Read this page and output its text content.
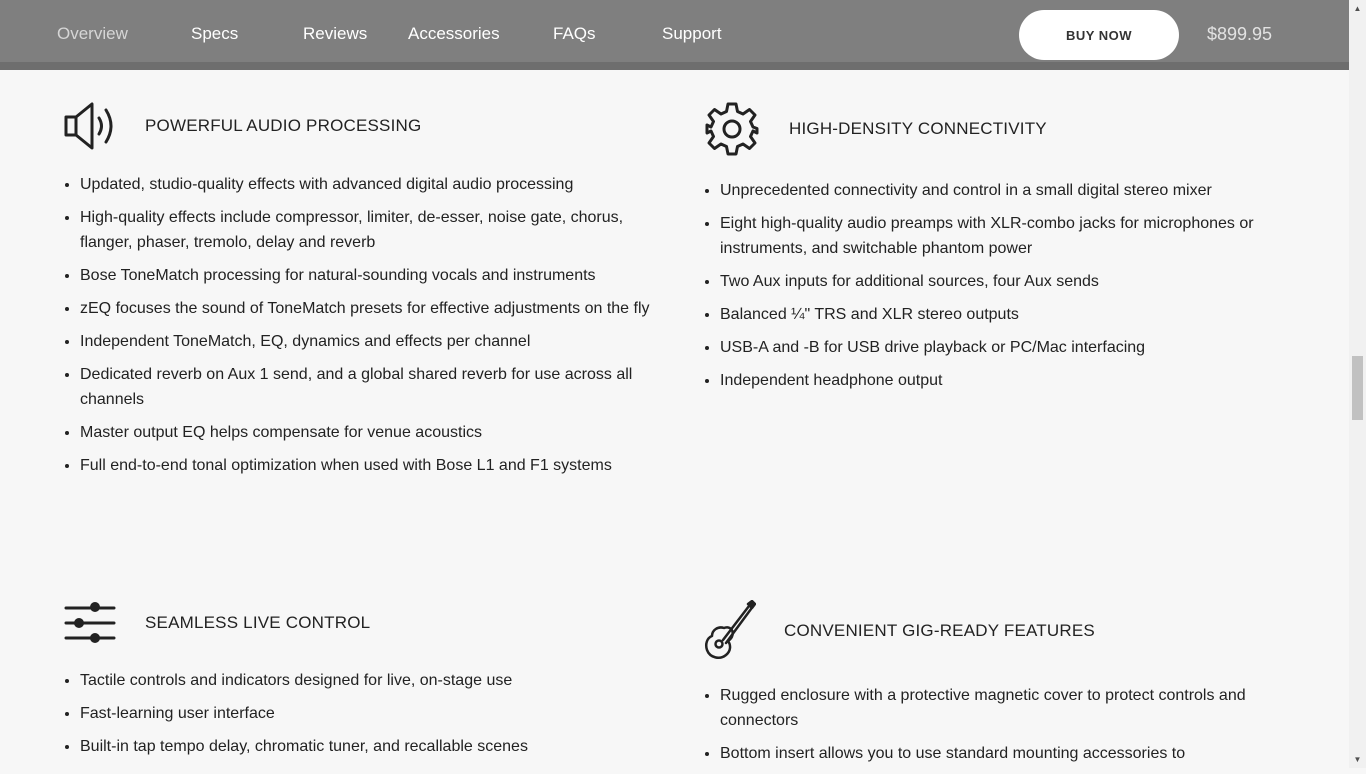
Overview	Specs	Reviews Accessories	FAQs	Support	BUY NOW	$899.95
POWERFUL AUDIO PROCESSING
• Updated, studio-quality effects with advanced digital audio processing
• High-quality effects include compressor, limiter, de-esser, noise gate, chorus, flanger, phaser, tremolo, delay and reverb
• Bose ToneMatch processing for natural-sounding vocals and instruments
• zEQ focuses the sound of ToneMatch presets for effective adjustments on the fly
• Independent ToneMatch, EQ, dynamics and effects per channel
• Dedicated reverb on Aux 1 send, and a global shared reverb for use across all channels
• Master output EQ helps compensate for venue acoustics
• Full end-to-end tonal optimization when used with Bose L1 and F1 systems
HIGH-DENSITY CONNECTIVITY
• Unprecedented connectivity and control in a small digital stereo mixer
• Eight high-quality audio preamps with XLR-combo jacks for microphones or instruments, and switchable phantom power
• Two Aux inputs for additional sources, four Aux sends
• Balanced ¼" TRS and XLR stereo outputs
• USB-A and -B for USB drive playback or PC/Mac interfacing
• Independent headphone output
SEAMLESS LIVE CONTROL
• Tactile controls and indicators designed for live, on-stage use
• Fast-learning user interface
• Built-in tap tempo delay, chromatic tuner, and recallable scenes
CONVENIENT GIG-READY FEATURES
• Rugged enclosure with a protective magnetic cover to protect controls and connectors
• Bottom insert allows you to use standard mounting accessories to
▲
▼
